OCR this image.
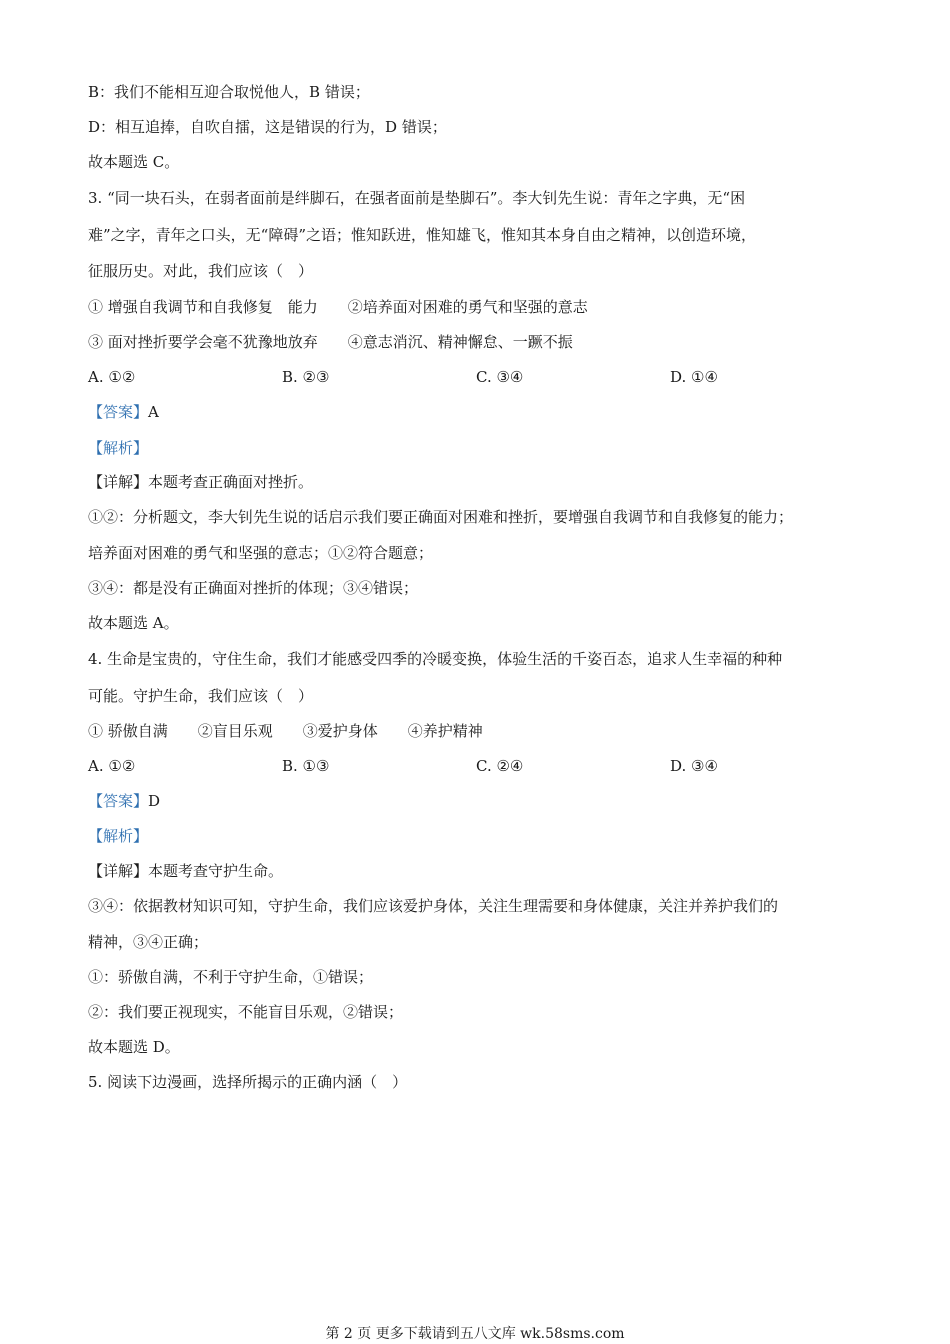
B：我们不能相互迎合取悦他人，B 错误；
D：相互追捧，自吹自擂，这是错误的行为，D 错误；
故本题选 C。
3. “同一块石头，在弱者面前是绊脚石，在强者面前是垫脚石”。李大钊先生说：青年之字典，无“困
难”之字，青年之口头，无“障碍”之语；惟知跃进，惟知雄飞，惟知其本身自由之精神，以创造环境，
征服历史。对此，我们应该（　）
① 增强自我调节和自我修复　能力　　②培养面对困难的勇气和坚强的意志
③ 面对挫折要学会毫不犹豫地放弃　　④意志消沉、精神懈怠、一蹶不振
A. ①②	B. ②③	C. ③④	D. ①④
【答案】A
【解析】
【详解】本题考查正确面对挫折。
①②：分析题文，李大钊先生说的话启示我们要正确面对困难和挫折，要增强自我调节和自我修复的能力；
培养面对困难的勇气和坚强的意志；①②符合题意；
③④：都是没有正确面对挫折的体现；③④错误；
故本题选 A。
4. 生命是宝贵的，守住生命，我们才能感受四季的冷暖变换，体验生活的千姿百态，追求人生幸福的种种
可能。守护生命，我们应该（　）
① 骄傲自满　　②盲目乐观　　③爱护身体　　④养护精神
A. ①②	B. ①③	C. ②④	D. ③④
【答案】D
【解析】
【详解】本题考查守护生命。
③④：依据教材知识可知，守护生命，我们应该爱护身体，关注生理需要和身体健康，关注并养护我们的
精神，③④正确；
①：骄傲自满，不利于守护生命，①错误；
②：我们要正视现实，不能盲目乐观，②错误；
故本题选 D。
5. 阅读下边漫画，选择所揭示的正确内涵（　）
第 2 页 更多下载请到五八文库 wk.58sms.com
